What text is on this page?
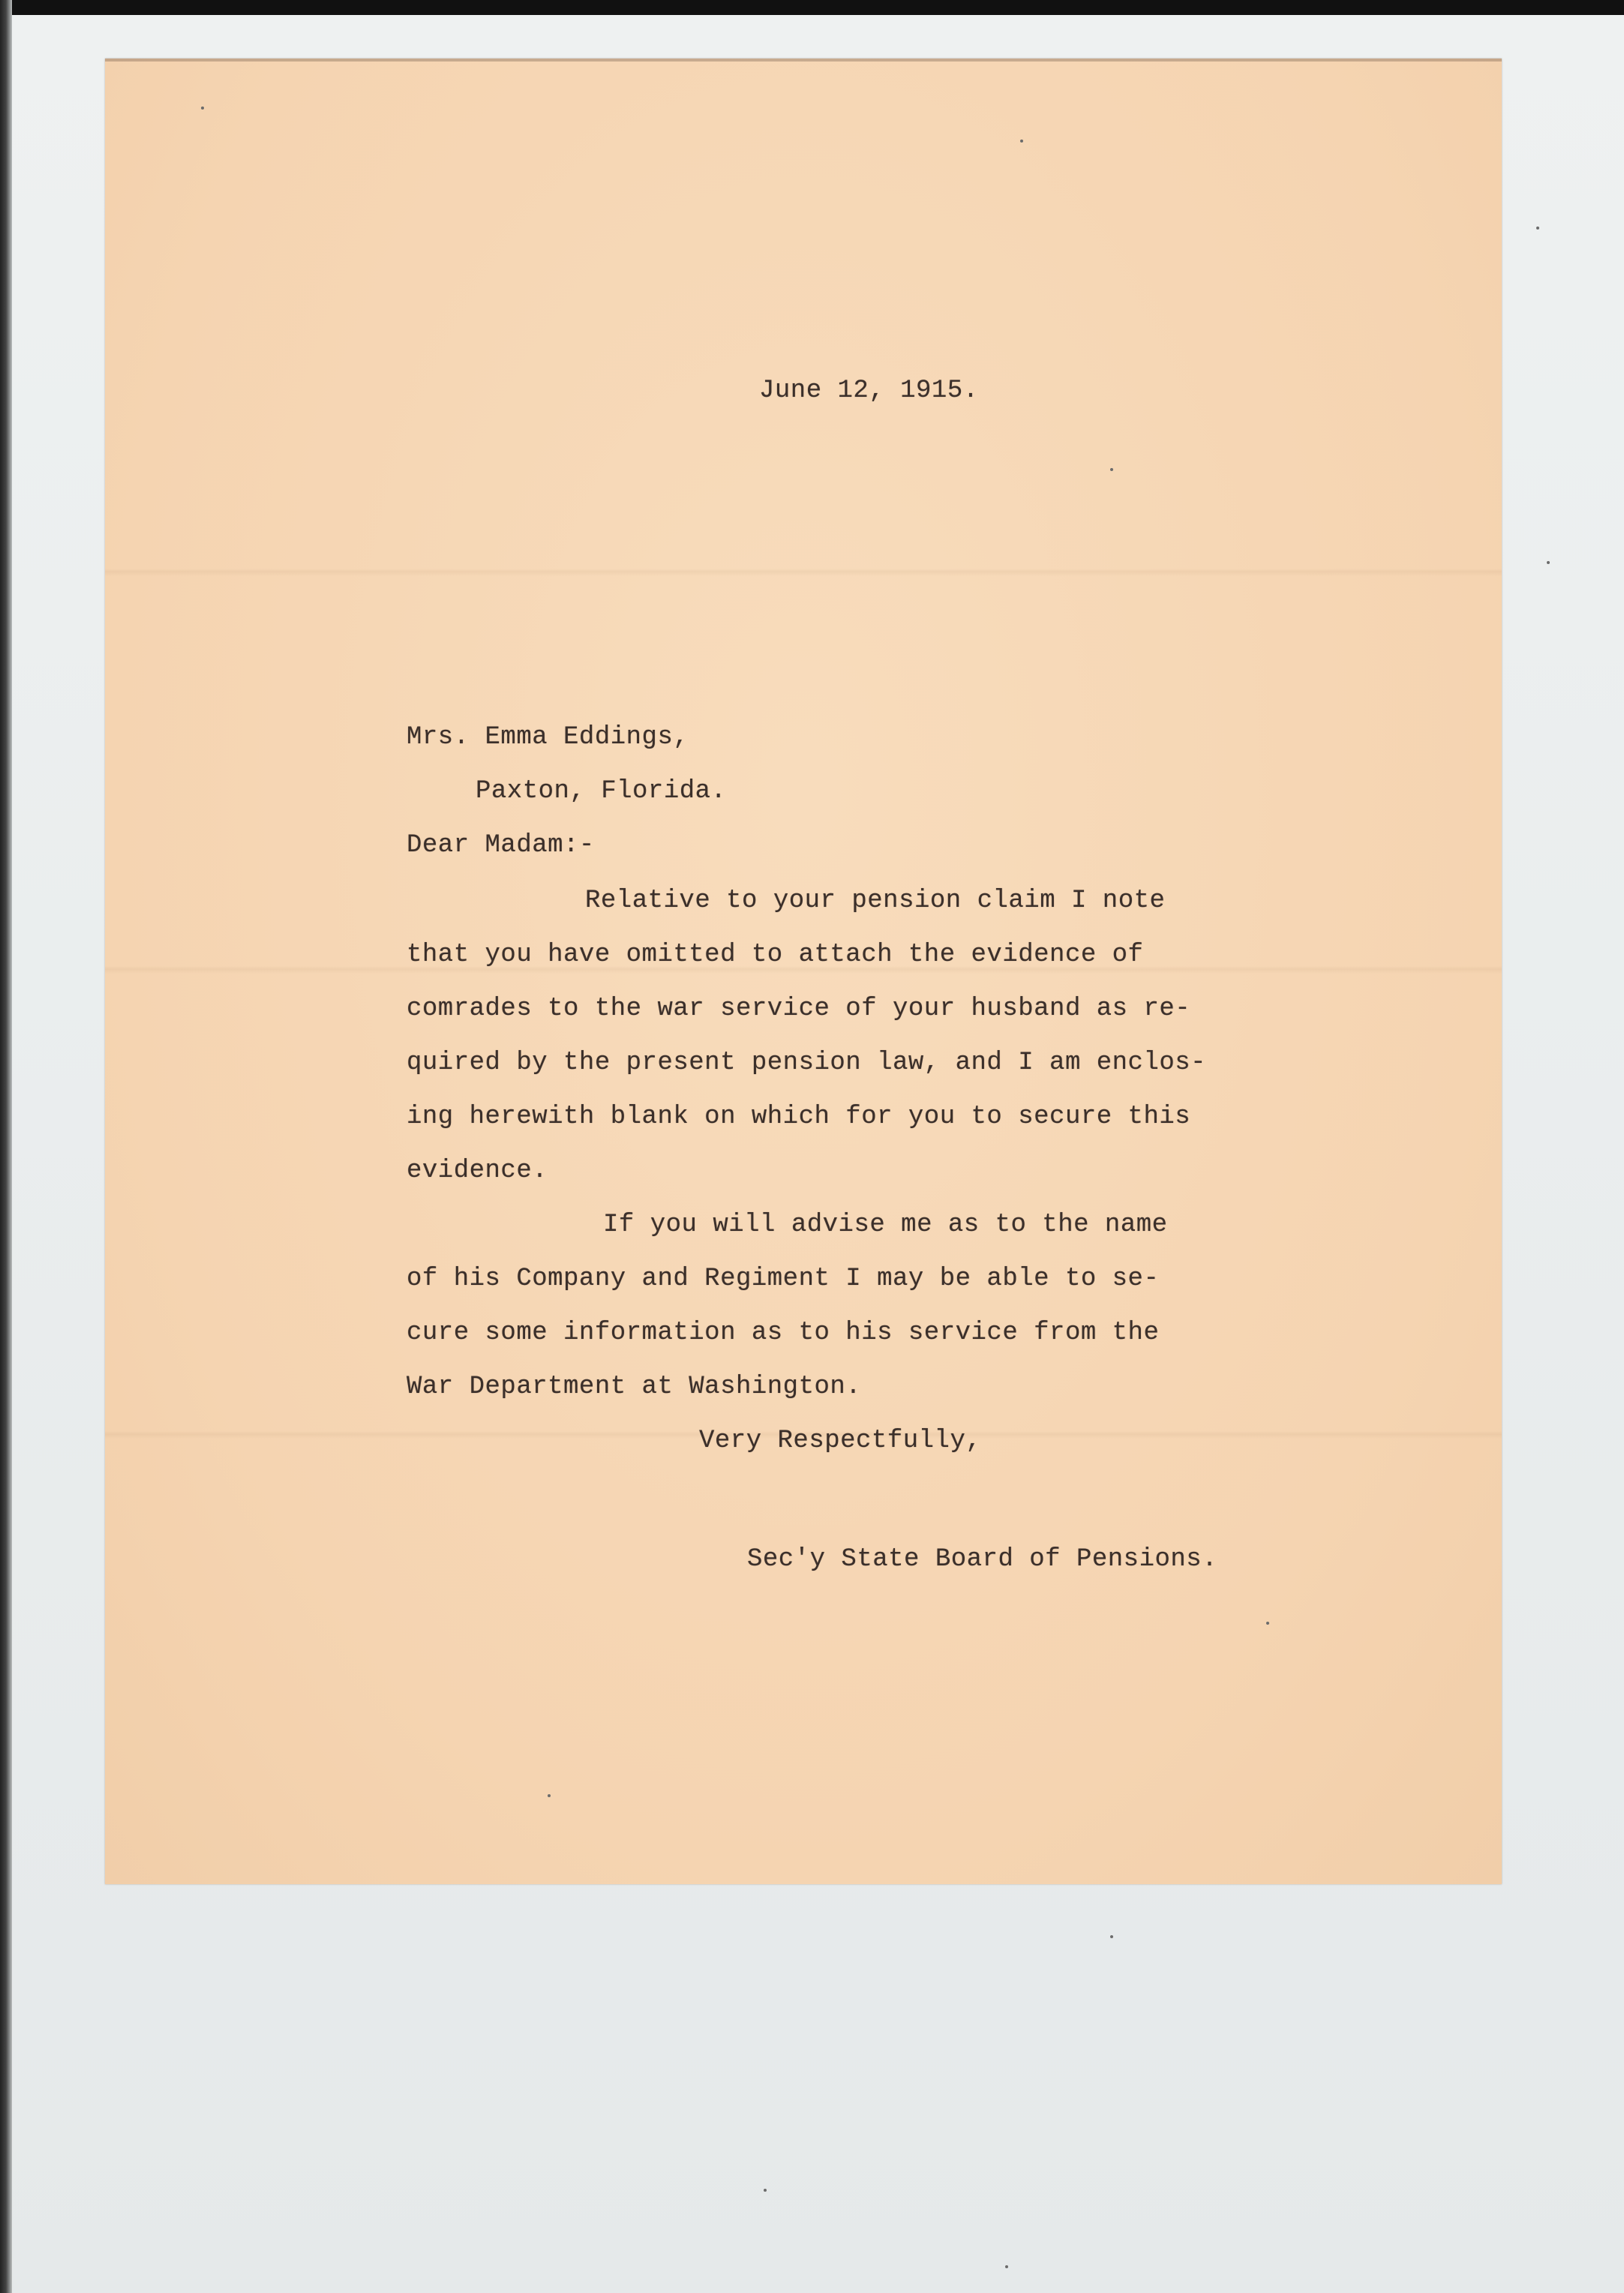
June 12, 1915.
Mrs. Emma Eddings,
Paxton, Florida.
Dear Madam:-
Relative to your pension claim I note
that you have omitted to attach the evidence of
comrades to the war service of your husband as re-
quired by the present pension law, and I am enclos-
ing herewith blank on which for you to secure this
evidence.
If you will advise me as to the name
of his Company and Regiment I may be able to se-
cure some information as to his service from the
War Department at Washington.
Very Respectfully,
Sec'y State Board of Pensions.
